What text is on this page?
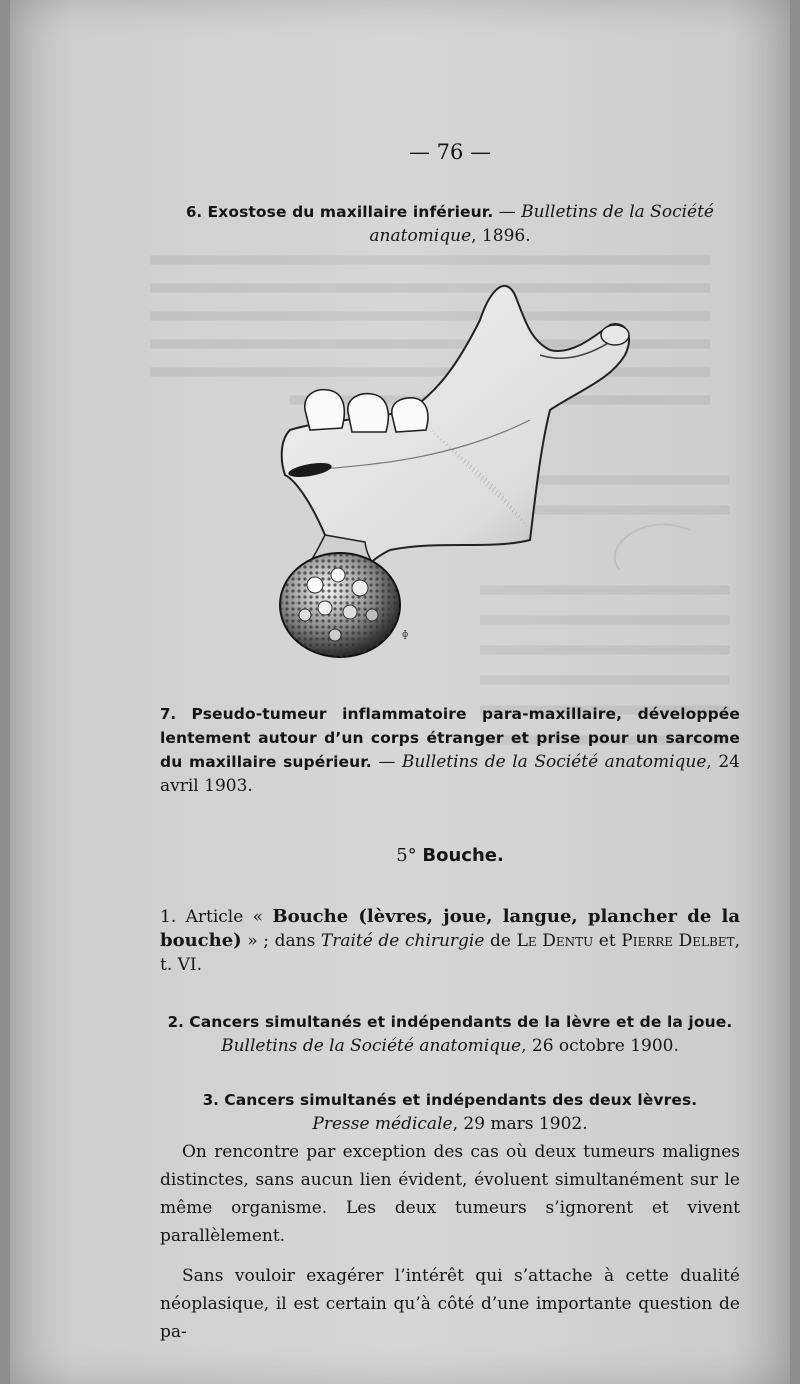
— 76 —
6. Exostose du maxillaire inférieur. — Bulletins de la Société
anatomique, 1896.
ɸ
7. Pseudo-tumeur inflammatoire para-maxillaire, développée lentement autour d’un corps étranger et prise pour un sarcome du maxillaire supérieur. — Bulletins de la Société anatomique, 24 avril 1903.
5° Bouche.
1. Article « Bouche (lèvres, joue, langue, plancher de la bouche) » ; dans Traité de chirurgie de Le Dentu et Pierre Delbet, t. VI.
2. Cancers simultanés et indépendants de la lèvre et de la joue.
Bulletins de la Société anatomique, 26 octobre 1900.
3. Cancers simultanés et indépendants des deux lèvres.
Presse médicale, 29 mars 1902.

On rencontre par exception des cas où deux tumeurs malignes distinctes, sans aucun lien évident, évoluent simultanément sur le même organisme. Les deux tumeurs s’ignorent et vivent parallèlement.

Sans vouloir exagérer l’intérêt qui s’attache à cette dualité néoplasique, il est certain qu’à côté d’une importante question de pa-
